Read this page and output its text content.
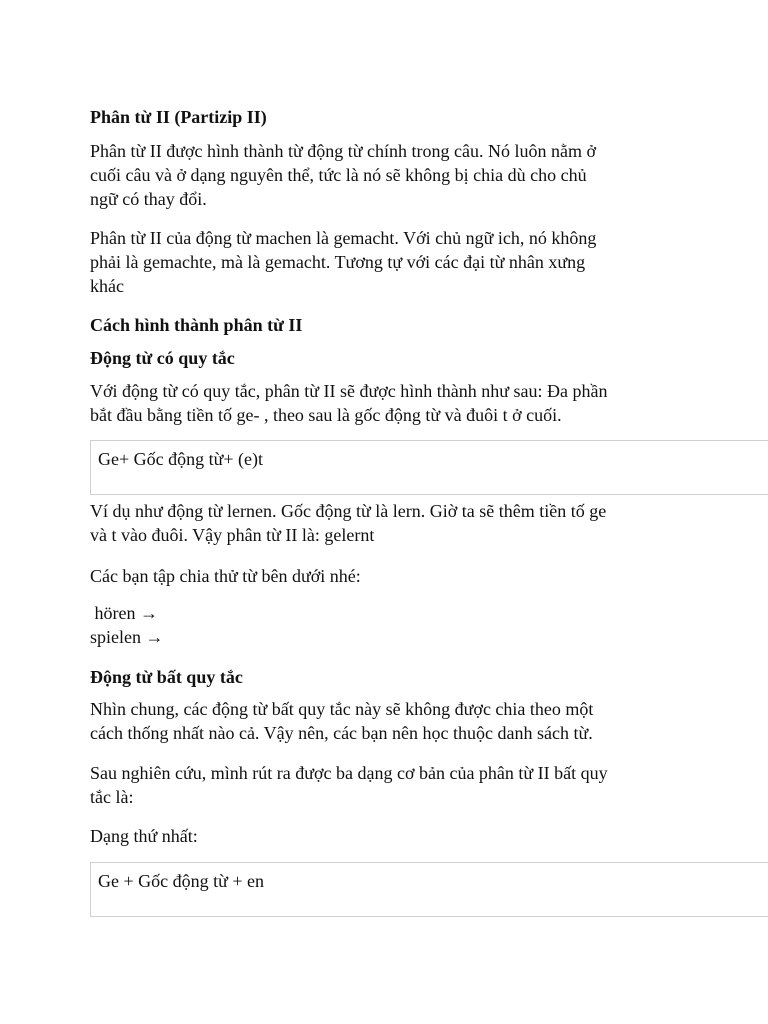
Phân từ II (Partizip II)

Phân từ II được hình thành từ động từ chính trong câu. Nó luôn nằm ở
cuối câu và ở dạng nguyên thể, tức là nó sẽ không bị chia dù cho chủ
ngữ có thay đổi.

Phân từ II của động từ machen là gemacht. Với chủ ngữ ich, nó không
phải là gemachte, mà là gemacht. Tương tự với các đại từ nhân xưng
khác

Cách hình thành phân từ II

Động từ có quy tắc

Với động từ có quy tắc, phân từ II sẽ được hình thành như sau: Đa phần
bắt đầu bằng tiền tố ge- , theo sau là gốc động từ và đuôi t ở cuối.

Ge+ Gốc động từ+ (e)t

Ví dụ như động từ lernen. Gốc động từ là lern. Giờ ta sẽ thêm tiền tố ge
và t vào đuôi. Vậy phân từ II là: gelernt

Các bạn tập chia thử từ bên dưới nhé:

hören →
spielen →

Động từ bất quy tắc

Nhìn chung, các động từ bất quy tắc này sẽ không được chia theo một
cách thống nhất nào cả. Vậy nên, các bạn nên học thuộc danh sách từ.

Sau nghiên cứu, mình rút ra được ba dạng cơ bản của phân từ II bất quy
tắc là:

Dạng thứ nhất:

Ge + Gốc động từ + en
